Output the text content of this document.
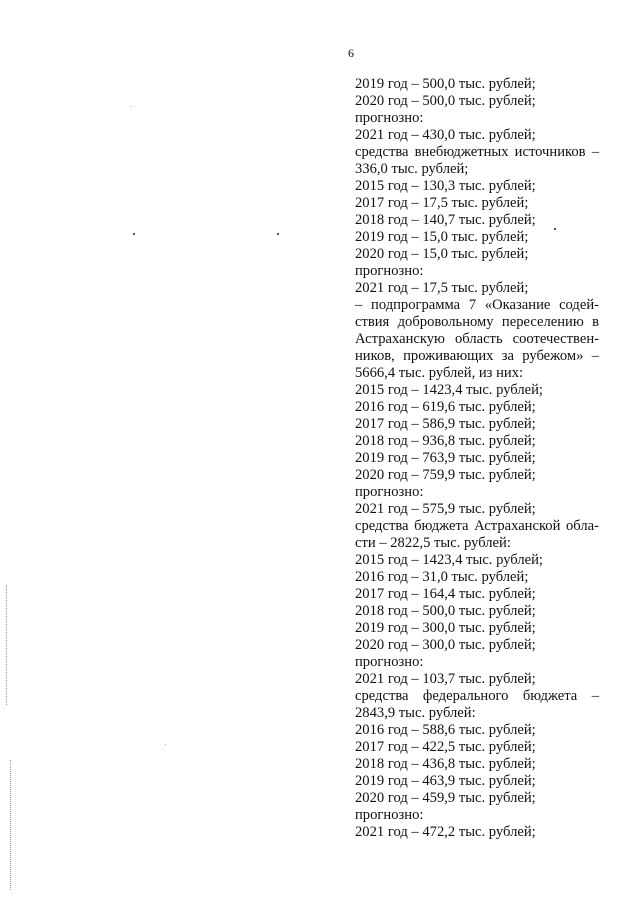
6
2019 год – 500,0 тыс. рублей;
2020 год – 500,0 тыс. рублей;
прогнозно:
2021 год – 430,0 тыс. рублей;
средства внебюджетных источников –
336,0 тыс. рублей;
2015 год – 130,3 тыс. рублей;
2017 год – 17,5 тыс. рублей;
2018 год – 140,7 тыс. рублей;
2019 год – 15,0 тыс. рублей;
2020 год – 15,0 тыс. рублей;
прогнозно:
2021 год – 17,5 тыс. рублей;
– подпрограмма 7 «Оказание содей-
ствия добровольному переселению в
Астраханскую область соотечествен-
ников, проживающих за рубежом» –
5666,4 тыс. рублей, из них:
2015 год – 1423,4 тыс. рублей;
2016 год – 619,6 тыс. рублей;
2017 год – 586,9 тыс. рублей;
2018 год – 936,8 тыс. рублей;
2019 год – 763,9 тыс. рублей;
2020 год – 759,9 тыс. рублей;
прогнозно:
2021 год – 575,9 тыс. рублей;
средства бюджета Астраханской обла-
сти – 2822,5 тыс. рублей:
2015 год – 1423,4 тыс. рублей;
2016 год – 31,0 тыс. рублей;
2017 год – 164,4 тыс. рублей;
2018 год – 500,0 тыс. рублей;
2019 год – 300,0 тыс. рублей;
2020 год – 300,0 тыс. рублей;
прогнозно:
2021 год – 103,7 тыс. рублей;
средства федерального бюджета –
2843,9 тыс. рублей:
2016 год – 588,6 тыс. рублей;
2017 год – 422,5 тыс. рублей;
2018 год – 436,8 тыс. рублей;
2019 год – 463,9 тыс. рублей;
2020 год – 459,9 тыс. рублей;
прогнозно:
2021 год – 472,2 тыс. рублей;
